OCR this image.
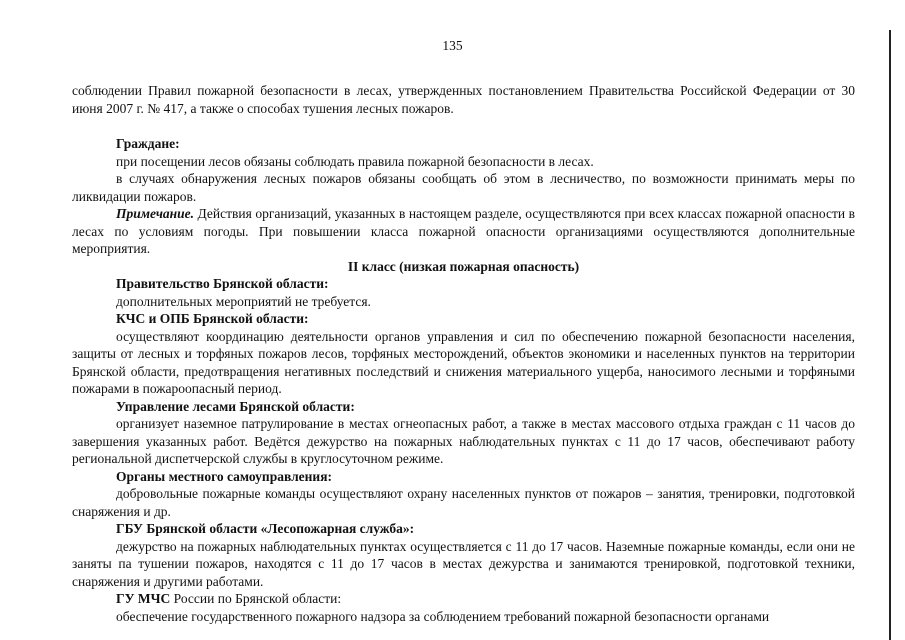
135

соблюдении Правил пожарной безопасности в лесах, утвержденных постановлением Правительства Российской Федерации от 30 июня 2007 г. № 417, а также о способах тушения лесных пожаров.

Граждане:

при посещении лесов обязаны соблюдать правила пожарной безопасности в лесах.

в случаях обнаружения лесных пожаров обязаны сообщать об этом в лесничество, по возможности принимать меры по ликвидации пожаров.

Примечание. Действия организаций, указанных в настоящем разделе, осуществляются при всех классах пожарной опасности в лесах по условиям погоды. При повышении класса пожарной опасности организациями осуществляются дополнительные мероприятия.

II класс (низкая пожарная опасность)

Правительство Брянской области:

дополнительных мероприятий не требуется.

КЧС и ОПБ Брянской области:

осуществляют координацию деятельности органов управления и сил по обеспечению пожарной безопасности населения, защиты от лесных и торфяных пожаров лесов, торфяных месторождений, объектов экономики и населенных пунктов на территории Брянской области, предотвращения негативных последствий и снижения материального ущерба, наносимого лесными и торфяными пожарами в пожароопасный период.

Управление лесами Брянской области:

организует наземное патрулирование в местах огнеопасных работ, а также в местах массового отдыха граждан с 11 часов до завершения указанных работ. Ведётся дежурство на пожарных наблюдательных пунктах с 11 до 17 часов, обеспечивают работу региональной диспетчерской службы в круглосуточном режиме.

Органы местного самоуправления:

добровольные пожарные команды осуществляют охрану населенных пунктов от пожаров – занятия, тренировки, подготовкой снаряжения и др.

ГБУ Брянской области «Лесопожарная служба»:

дежурство на пожарных наблюдательных пунктах осуществляется с 11 до 17 часов. Наземные пожарные команды, если они не заняты па тушении пожаров, находятся с 11 до 17 часов в местах дежурства и занимаются тренировкой, подготовкой техники, снаряжения и другими работами.

ГУ МЧС России по Брянской области:

обеспечение государственного пожарного надзора за соблюдением требований пожарной безопасности органами
